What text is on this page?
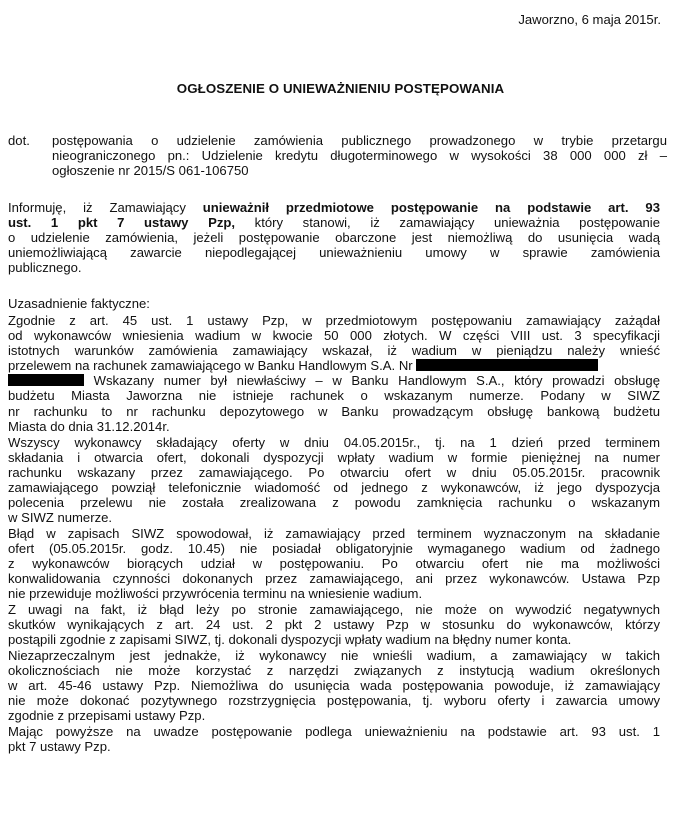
Jaworzno, 6 maja 2015r.
OGŁOSZENIE O UNIEWAŻNIENIU POSTĘPOWANIA
dot. postępowania o udzielenie zamówienia publicznego prowadzonego w trybie przetargu
nieograniczonego pn.: Udzielenie kredytu długoterminowego w wysokości 38 000 000 zł –
ogłoszenie nr 2015/S 061-106750
Informuję, iż Zamawiający unieważnił przedmiotowe postępowanie na podstawie art. 93
ust. 1 pkt 7 ustawy Pzp, który stanowi, iż zamawiający unieważnia postępowanie
o udzielenie zamówienia, jeżeli postępowanie obarczone jest niemożliwą do usunięcia wadą
uniemożliwiającą zawarcie niepodlegającej unieważnieniu umowy w sprawie zamówienia
publicznego.
Uzasadnienie faktyczne:
Zgodnie z art. 45 ust. 1 ustawy Pzp, w przedmiotowym postępowaniu zamawiający zażądał
od wykonawców wniesienia wadium w kwocie 50 000 złotych. W części VIII ust. 3 specyfikacji
istotnych warunków zamówienia zamawiający wskazał, iż wadium w pieniądzu należy wnieść
przelewem na rachunek zamawiającego w Banku Handlowym S.A. Nr
Wskazany numer był niewłaściwy – w Banku Handlowym S.A., który prowadzi obsługę
budżetu Miasta Jaworzna nie istnieje rachunek o wskazanym numerze. Podany w SIWZ
nr rachunku to nr rachunku depozytowego w Banku prowadzącym obsługę bankową budżetu
Miasta do dnia 31.12.2014r.
Wszyscy wykonawcy składający oferty w dniu 04.05.2015r., tj. na 1 dzień przed terminem
składania i otwarcia ofert, dokonali dyspozycji wpłaty wadium w formie pieniężnej na numer
rachunku wskazany przez zamawiającego. Po otwarciu ofert w dniu 05.05.2015r. pracownik
zamawiającego powziął telefonicznie wiadomość od jednego z wykonawców, iż jego dyspozycja
polecenia przelewu nie została zrealizowana z powodu zamknięcia rachunku o wskazanym
w SIWZ numerze.
Błąd w zapisach SIWZ spowodował, iż zamawiający przed terminem wyznaczonym na składanie
ofert (05.05.2015r. godz. 10.45) nie posiadał obligatoryjnie wymaganego wadium od żadnego
z wykonawców biorących udział w postępowaniu. Po otwarciu ofert nie ma możliwości
konwalidowania czynności dokonanych przez zamawiającego, ani przez wykonawców. Ustawa Pzp
nie przewiduje możliwości przywrócenia terminu na wniesienie wadium.
Z uwagi na fakt, iż błąd leży po stronie zamawiającego, nie może on wywodzić negatywnych
skutków wynikających z art. 24 ust. 2 pkt 2 ustawy Pzp w stosunku do wykonawców, którzy
postąpili zgodnie z zapisami SIWZ, tj. dokonali dyspozycji wpłaty wadium na błędny numer konta.
Niezaprzeczalnym jest jednakże, iż wykonawcy nie wnieśli wadium, a zamawiający w takich
okolicznościach nie może korzystać z narzędzi związanych z instytucją wadium określonych
w art. 45-46 ustawy Pzp. Niemożliwa do usunięcia wada postępowania powoduje, iż zamawiający
nie może dokonać pozytywnego rozstrzygnięcia postępowania, tj. wyboru oferty i zawarcia umowy
zgodnie z przepisami ustawy Pzp.
Mając powyższe na uwadze postępowanie podlega unieważnieniu na podstawie art. 93 ust. 1
pkt 7 ustawy Pzp.
